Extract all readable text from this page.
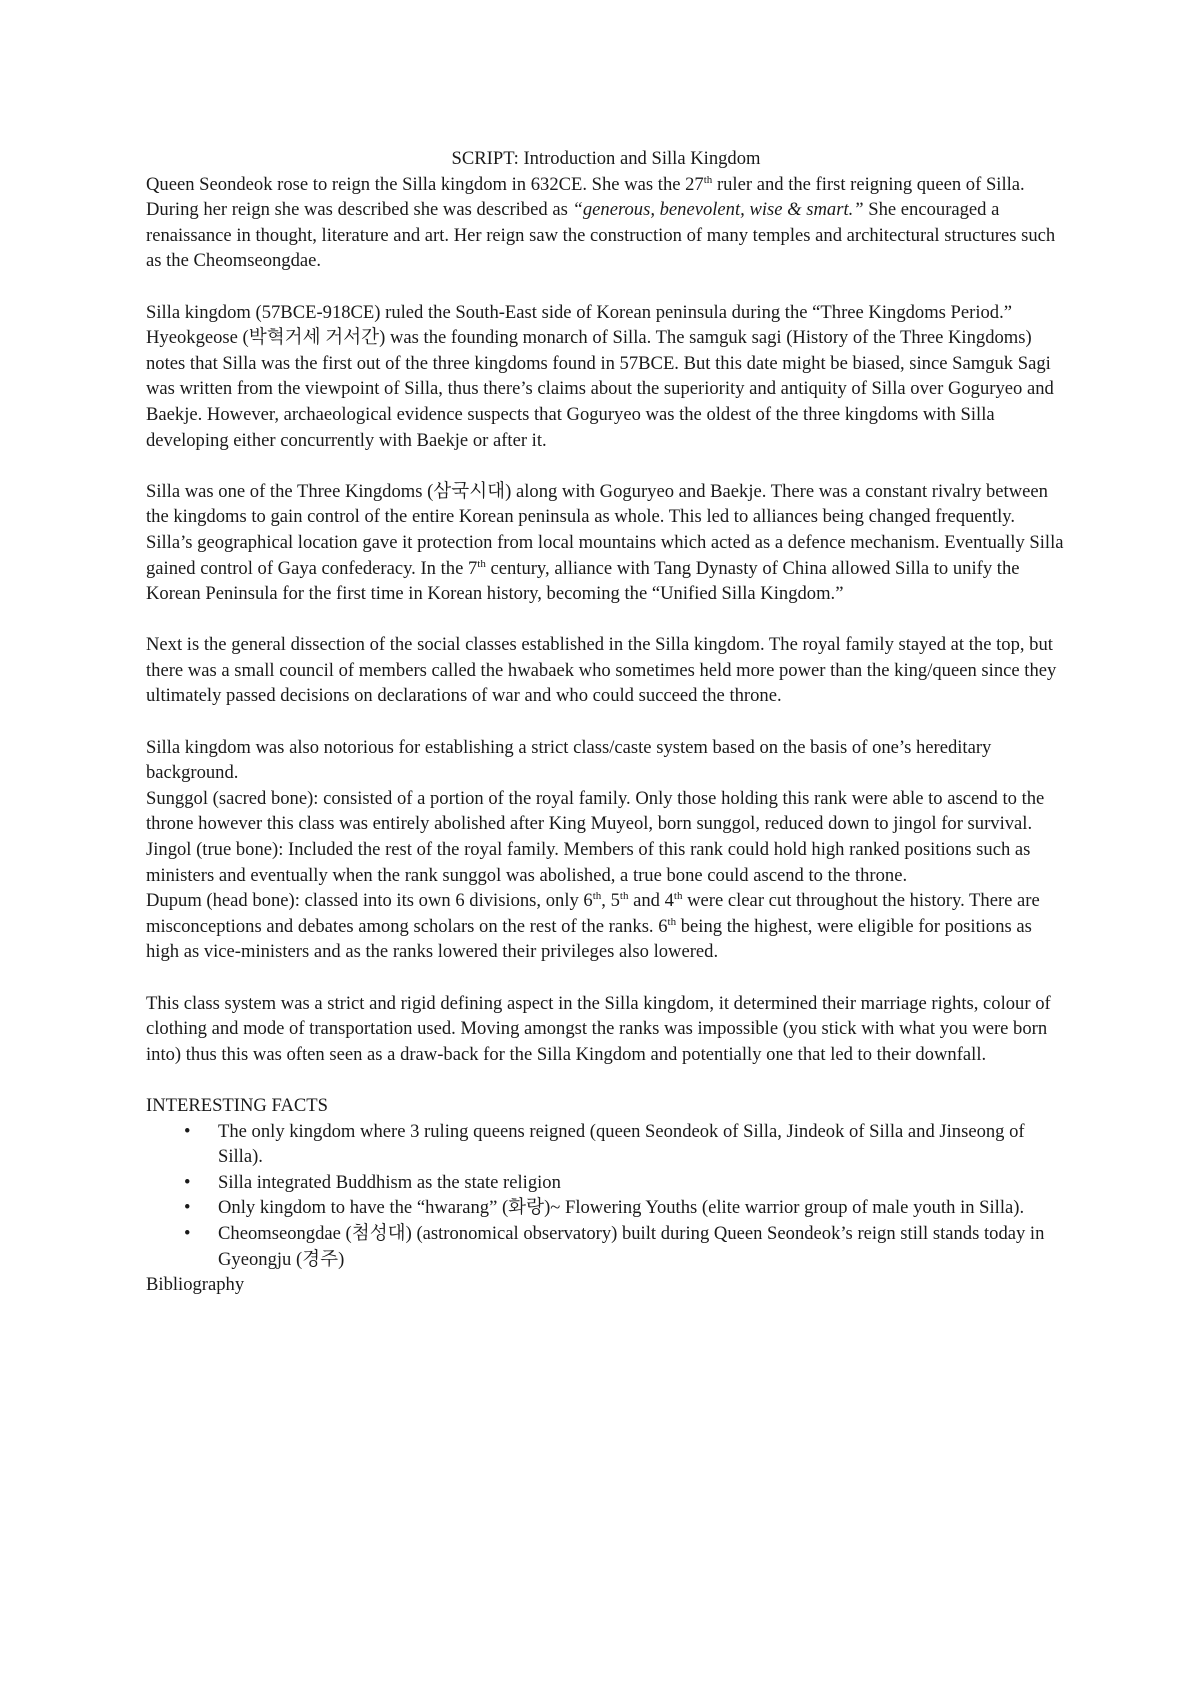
SCRIPT: Introduction and Silla Kingdom

Queen Seondeok rose to reign the Silla kingdom in 632CE. She was the 27th ruler and the first reigning queen of Silla. During her reign she was described she was described as “generous, benevolent, wise & smart.” She encouraged a renaissance in thought, literature and art. Her reign saw the construction of many temples and architectural structures such as the Cheomseongdae.

Silla kingdom (57BCE-918CE) ruled the South-East side of Korean peninsula during the “Three Kingdoms Period.” Hyeokgeose (박혁거세 거서간) was the founding monarch of Silla. The samguk sagi (History of the Three Kingdoms) notes that Silla was the first out of the three kingdoms found in 57BCE. But this date might be biased, since Samguk Sagi was written from the viewpoint of Silla, thus there’s claims about the superiority and antiquity of Silla over Goguryeo and Baekje. However, archaeological evidence suspects that Goguryeo was the oldest of the three kingdoms with Silla developing either concurrently with Baekje or after it.

Silla was one of the Three Kingdoms (삼국시대) along with Goguryeo and Baekje. There was a constant rivalry between the kingdoms to gain control of the entire Korean peninsula as whole. This led to alliances being changed frequently. Silla’s geographical location gave it protection from local mountains which acted as a defence mechanism. Eventually Silla gained control of Gaya confederacy. In the 7th century, alliance with Tang Dynasty of China allowed Silla to unify the Korean Peninsula for the first time in Korean history, becoming the “Unified Silla Kingdom.”

Next is the general dissection of the social classes established in the Silla kingdom. The royal family stayed at the top, but there was a small council of members called the hwabaek who sometimes held more power than the king/queen since they ultimately passed decisions on declarations of war and who could succeed the throne.

Silla kingdom was also notorious for establishing a strict class/caste system based on the basis of one’s hereditary background.

Sunggol (sacred bone): consisted of a portion of the royal family. Only those holding this rank were able to ascend to the throne however this class was entirely abolished after King Muyeol, born sunggol, reduced down to jingol for survival.

Jingol (true bone): Included the rest of the royal family. Members of this rank could hold high ranked positions such as ministers and eventually when the rank sunggol was abolished, a true bone could ascend to the throne.

Dupum (head bone): classed into its own 6 divisions, only 6th, 5th and 4th were clear cut throughout the history. There are misconceptions and debates among scholars on the rest of the ranks. 6th being the highest, were eligible for positions as high as vice-ministers and as the ranks lowered their privileges also lowered.

This class system was a strict and rigid defining aspect in the Silla kingdom, it determined their marriage rights, colour of clothing and mode of transportation used. Moving amongst the ranks was impossible (you stick with what you were born into) thus this was often seen as a draw-back for the Silla Kingdom and potentially one that led to their downfall.

INTERESTING FACTS

• The only kingdom where 3 ruling queens reigned (queen Seondeok of Silla, Jindeok of Silla and Jinseong of Silla).
• Silla integrated Buddhism as the state religion
• Only kingdom to have the “hwarang” (화랑)~ Flowering Youths (elite warrior group of male youth in Silla).
• Cheomseongdae (첨성대) (astronomical observatory) built during Queen Seondeok’s reign still stands today in Gyeongju (경주)

Bibliography
